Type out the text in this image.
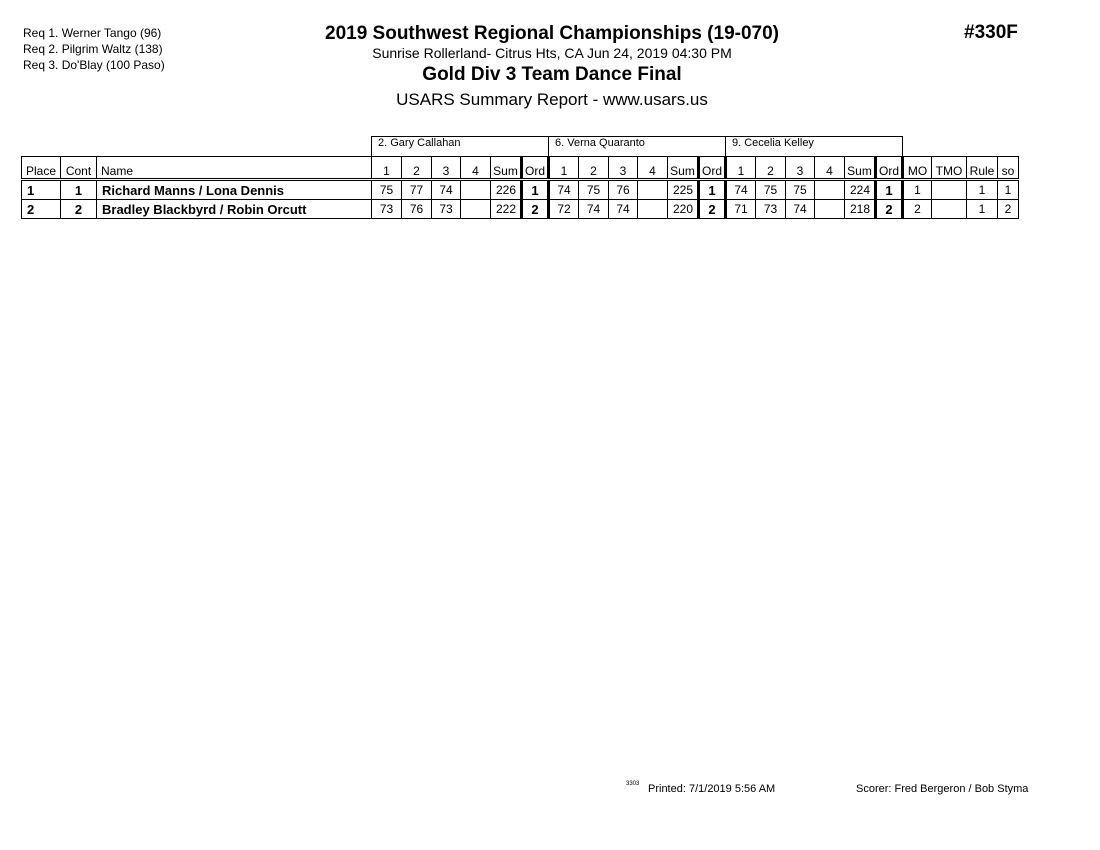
Req 1. Werner Tango (96)
Req 2. Pilgrim Waltz (138)
Req 3. Do'Blay (100 Paso)
2019 Southwest Regional Championships (19-070)
Sunrise Rollerland- Citrus Hts, CA Jun 24, 2019 04:30 PM
Gold Div 3 Team Dance Final
USARS Summary Report - www.usars.us
#330F
			2. Gary Callahan						6. Verna Quaranto						9. Cecelia Kelley									
Place	Cont	Name	1	2	3	4	Sum	Ord	1	2	3	4	Sum	Ord	1	2	3	4	Sum	Ord	MO	TMO	Rule	so

1	1	Richard Manns / Lona Dennis	75	77	74		226	1	74	75	76		225	1	74	75	75		224	1	1		1	1
2	2	Bradley Blackbyrd / Robin Orcutt	73	76	73		222	2	72	74	74		220	2	71	73	74		218	2	2		1	2
3303 Printed: 7/1/2019 5:56 AM	Scorer: Fred Bergeron / Bob Styma
